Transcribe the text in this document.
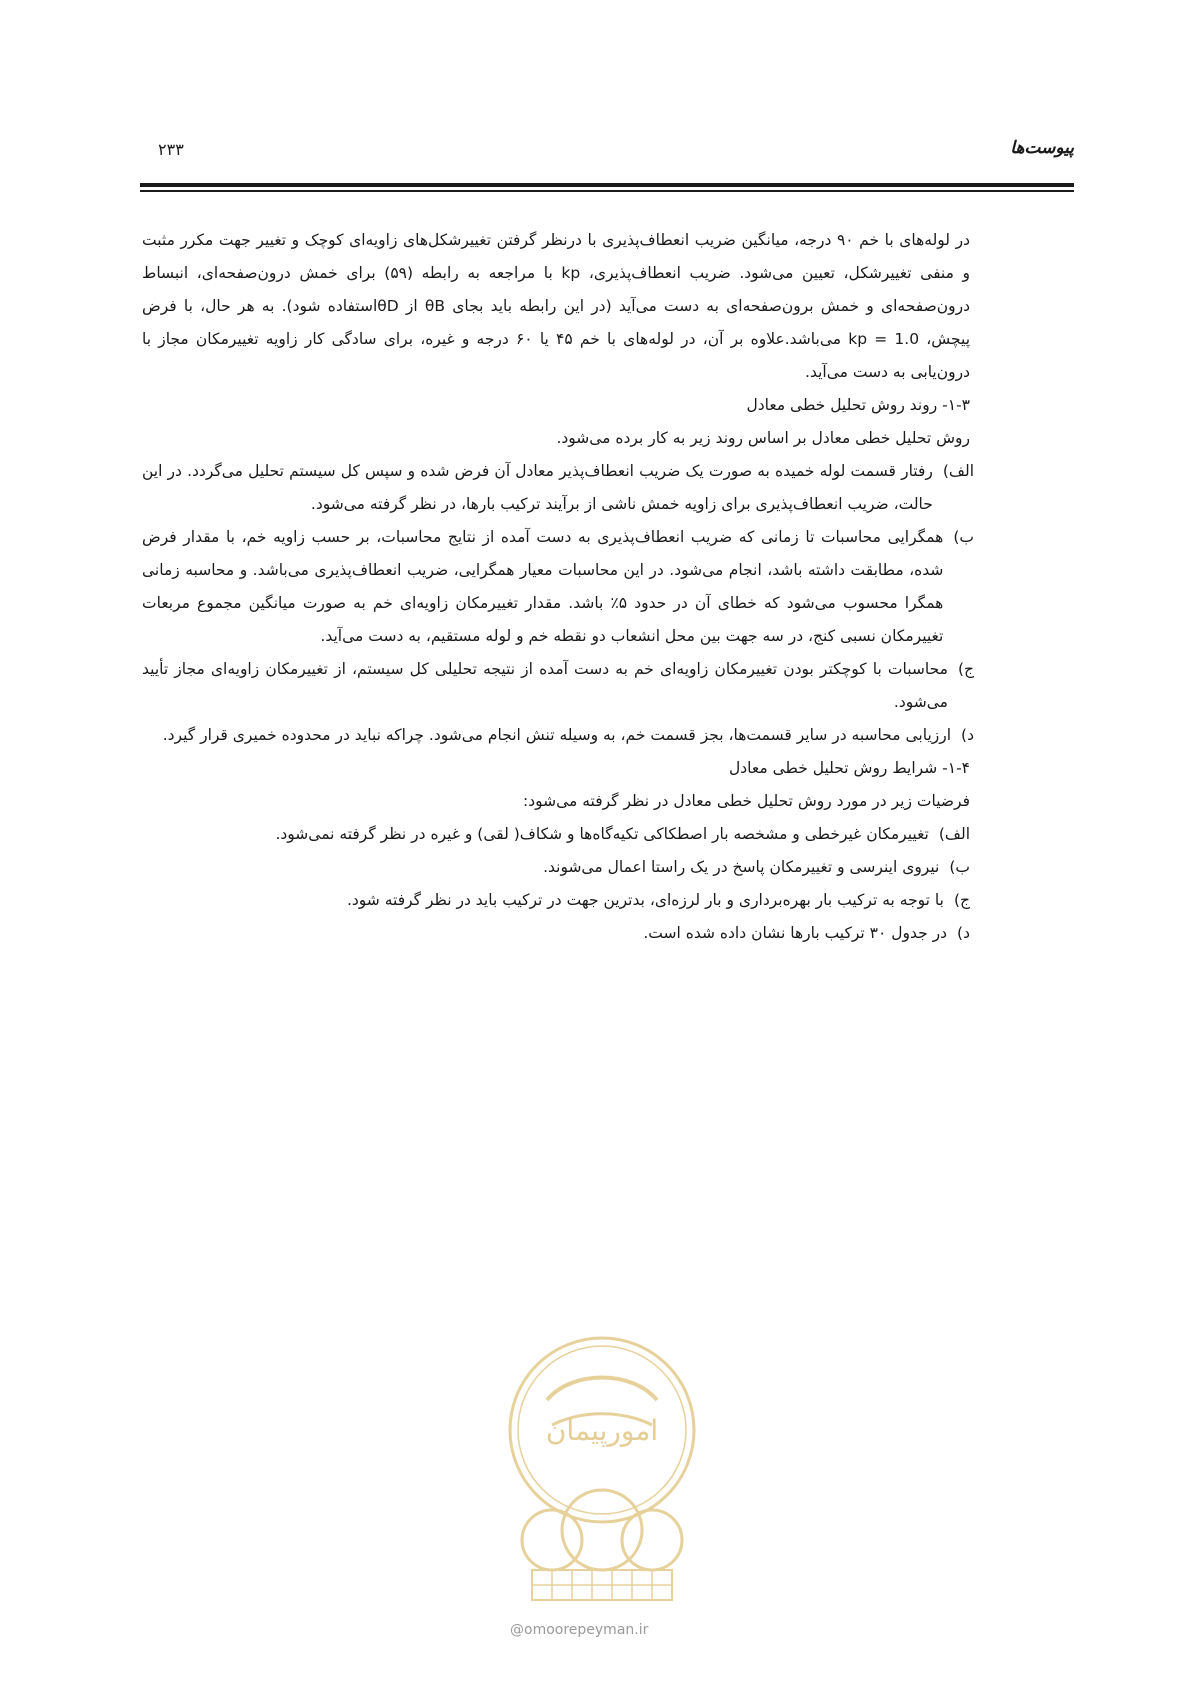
پیوست‌ها
۲۳۳

در لوله‌های با خم ۹۰ درجه، میانگین ضریب انعطاف‌پذیری با درنظر گرفتن تغییرشکل‌های زاویه‌ای کوچک و تغییر جهت مکرر مثبت و منفی تغییرشکل، تعیین می‌شود. ضریب انعطاف‌پذیری، kp با مراجعه به رابطه (۵۹) برای خمش درون‌صفحه‌ای، انبساط درون‌صفحه‌ای و خمش برون‌صفحه‌ای به دست می‌آید (در این رابطه باید بجای θB از θDاستفاده شود). به هر حال، با فرض پیچش، kp = 1.0 می‌باشد.علاوه بر آن، در لوله‌های با خم ۴۵ یا ۶۰ درجه و غیره، برای سادگی کار زاویه تغییرمکان مجاز با درون‌یابی به دست می‌آید.

۱-۳- روند روش تحلیل خطی معادل

روش تحلیل خطی معادل بر اساس روند زیر به کار برده می‌شود.

الف)
رفتار قسمت لوله خمیده به صورت یک ضریب انعطاف‌پذیر معادل آن فرض شده و سپس کل سیستم تحلیل می‌گردد. در این حالت، ضریب انعطاف‌پذیری برای زاویه خمش ناشی از برآیند ترکیب بارها، در نظر گرفته می‌شود.
ب)
همگرایی محاسبات تا زمانی که ضریب انعطاف‌پذیری به دست آمده از نتایج محاسبات، بر حسب زاویه خم، با مقدار فرض شده، مطابقت داشته باشد، انجام می‌شود. در این محاسبات معیار همگرایی، ضریب انعطاف‌پذیری می‌باشد. و محاسبه زمانی همگرا محسوب می‌شود که خطای آن در حدود ۵٪ باشد. مقدار تغییرمکان زاویه‌ای خم به صورت میانگین مجموع مربعات تغییرمکان نسبی کنج، در سه جهت بین محل انشعاب دو نقطه خم و لوله مستقیم، به دست می‌آید.
ج)
محاسبات با کوچکتر بودن تغییرمکان زاویه‌ای خم به دست آمده از نتیجه تحلیلی کل سیستم، از تغییرمکان زاویه‌ای مجاز تأیید می‌شود.
د)
ارزیابی محاسبه در سایر قسمت‌ها، بجز قسمت خم، به وسیله تنش انجام می‌شود. چراکه نباید در محدوده خمیری قرار گیرد.

۱-۴- شرایط روش تحلیل خطی معادل

فرضیات زیر در مورد روش تحلیل خطی معادل در نظر گرفته می‌شود:

الف)
تغییرمکان غیرخطی و مشخصه بار اصطکاکی تکیه‌گاه‌ها و شکاف( لقی) و غیره در نظر گرفته نمی‌شود.
ب)
نیروی اینرسی و تغییرمکان پاسخ در یک راستا اعمال می‌شوند.
ج)
با توجه به ترکیب بار بهره‌برداری و بار لرزه‌ای، بدترین جهت در ترکیب باید در نظر گرفته شود.
د)
در جدول ۳۰ ترکیب بارها نشان داده شده است.
امورپیمان
@omoorepeyman.ir
